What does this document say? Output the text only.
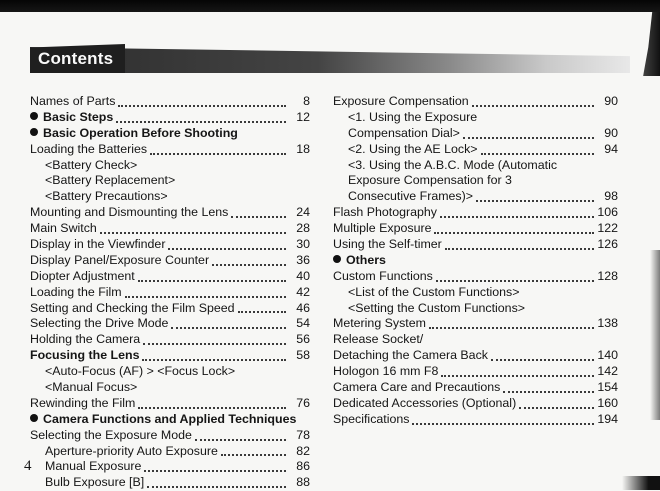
Contents
Names of Parts	8
Basic Steps	12
Basic Operation Before Shooting
Loading the Batteries	18
<Battery Check>
<Battery Replacement>
<Battery Precautions>
Mounting and Dismounting the Lens	24
Main Switch	28
Display in the Viewfinder	30
Display Panel/Exposure Counter	36
Diopter Adjustment	40
Loading the Film	42
Setting and Checking the Film Speed	46
Selecting the Drive Mode	54
Holding the Camera	56
Focusing the Lens	58
<Auto-Focus (AF) > <Focus Lock>
<Manual Focus>
Rewinding the Film	76
Camera Functions and Applied Techniques
Selecting the Exposure Mode	78
Aperture-priority Auto Exposure	82
Manual Exposure	86
Bulb Exposure [B]	88
Exposure Compensation	90
<1. Using the Exposure
Compensation Dial>	90
<2. Using the AE Lock>	94
<3. Using the A.B.C. Mode (Automatic
Exposure Compensation for 3
Consecutive Frames)>	98
Flash Photography	106
Multiple Exposure	122
Using the Self-timer	126
Others
Custom Functions	128
<List of the Custom Functions>
<Setting the Custom Functions>
Metering System	138
Release Socket/
Detaching the Camera Back	140
Hologon 16 mm F8	142
Camera Care and Precautions	154
Dedicated Accessories (Optional)	160
Specifications	194
4
